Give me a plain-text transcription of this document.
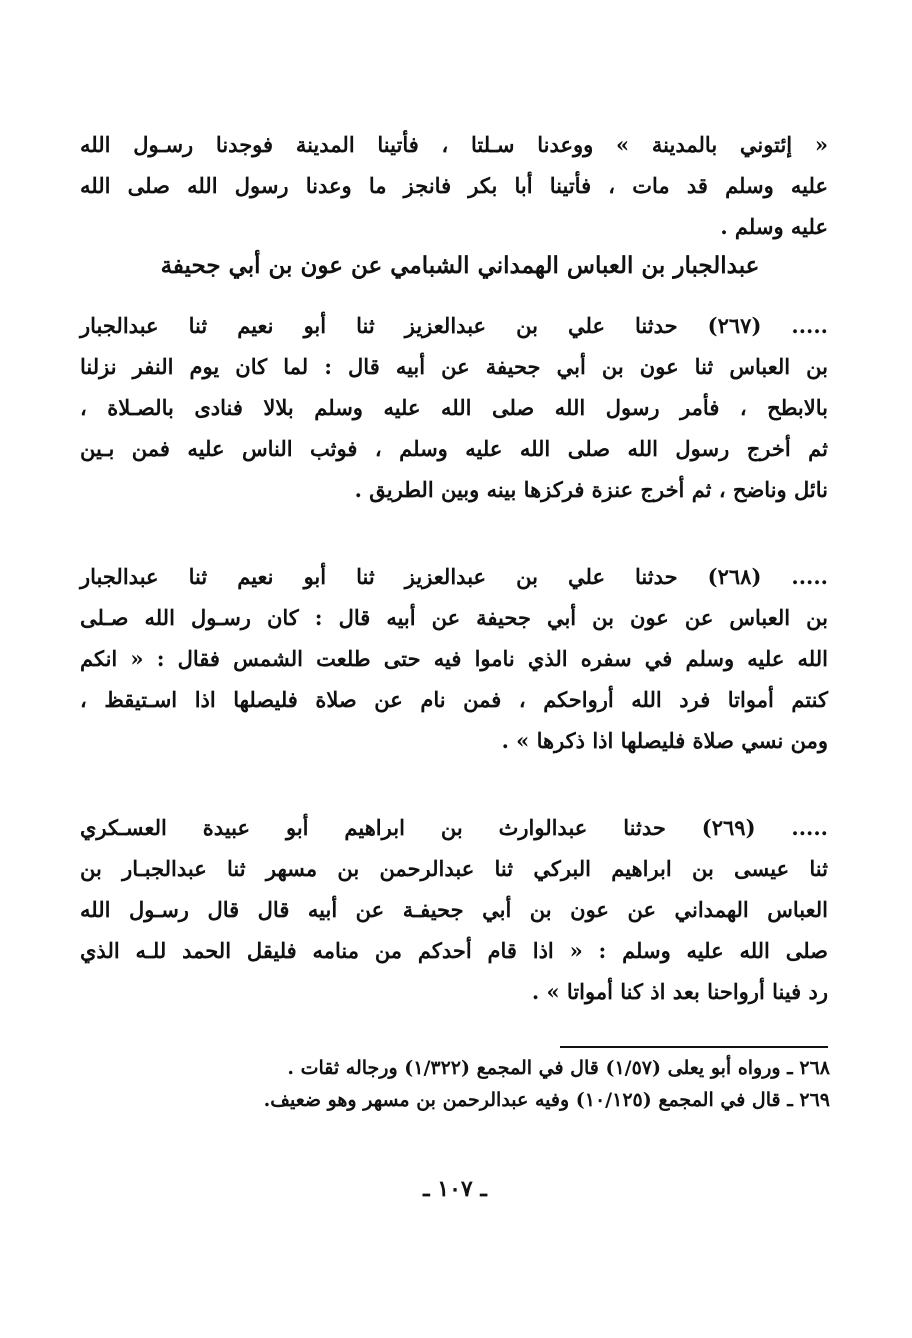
« إئتوني بالمدينة » ووعدنا سـلتا ، فأتينا المدينة فوجدنا رسـول الله
عليه وسلم قد مات ، فأتينا أبا بكر فانجز ما وعدنا رسول الله صلى الله
عليه وسلم .
عبدالجبار بن العباس الهمداني الشبامي عن عون بن أبي جحيفة
..... (٢٦٧) حدثنا علي بن عبدالعزيز ثنا أبو نعيم ثنا عبدالجبار
بن العباس ثنا عون بن أبي جحيفة عن أبيه قال : لما كان يوم النفر نزلنا
بالابطح ، فأمر رسول الله صلى الله عليه وسلم بلالا فنادى بالصـلاة ،
ثم أخرج رسول الله صلى الله عليه وسلم ، فوثب الناس عليه فمن بـين
نائل وناضح ، ثم أخرج عنزة فركزها بينه وبين الطريق .
..... (٢٦٨) حدثنا علي بن عبدالعزيز ثنا أبو نعيم ثنا عبدالجبار
بن العباس عن عون بن أبي جحيفة عن أبيه قال : كان رسـول الله صـلى
الله عليه وسلم في سفره الذي ناموا فيه حتى طلعت الشمس فقال : « انكم
كنتم أمواتا فرد الله أرواحكم ، فمن نام عن صلاة فليصلها اذا اسـتيقظ ،
ومن نسي صلاة فليصلها اذا ذكرها » .
..... (٢٦٩) حدثنا عبدالوارث بن ابراهيم أبو عبيدة العسـكري
ثنا عيسى بن ابراهيم البركي ثنا عبدالرحمن بن مسهر ثنا عبدالجبـار بن
العباس الهمداني عن عون بن أبي جحيفـة عن أبيه قال قال رسـول الله
صلى الله عليه وسلم : « اذا قام أحدكم من منامه فليقل الحمد للـه الذي
رد فينا أرواحنا بعد اذ كنا أمواتا » .
٢٦٨ ـ ورواه أبو يعلى (١/٥٧) قال في المجمع (١/٣٢٢) ورجاله ثقات .
٢٦٩ ـ قال في المجمع (١٠/١٢٥) وفيه عبدالرحمن بن مسهر وهو ضعيف.
ـ ١٠٧ ـ
